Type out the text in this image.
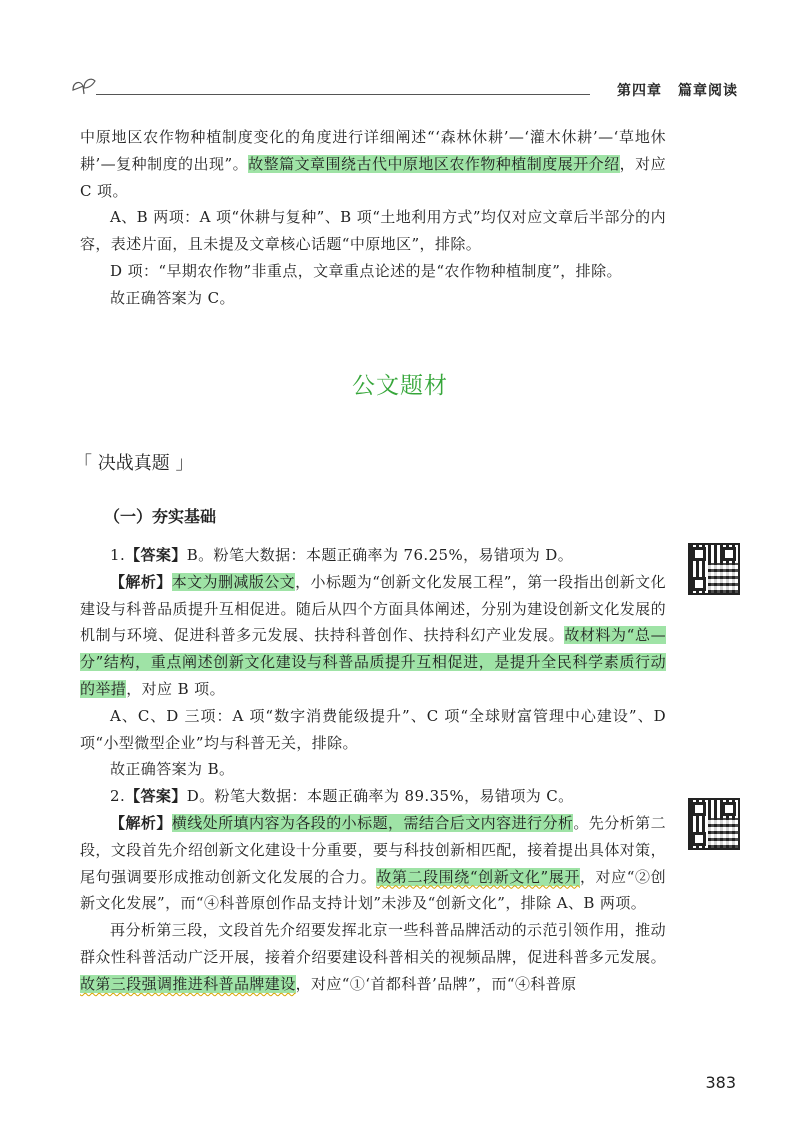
第四章 篇章阅读

中原地区农作物种植制度变化的角度进行详细阐述“‘森林休耕’—‘灌木休耕’—‘草地休耕’—复种制度的出现”。故整篇文章围绕古代中原地区农作物种植制度展开介绍，对应 C 项。

A、B 两项：A 项“休耕与复种”、B 项“土地利用方式”均仅对应文章后半部分的内容，表述片面，且未提及文章核心话题“中原地区”，排除。

D 项：“早期农作物”非重点，文章重点论述的是“农作物种植制度”，排除。

故正确答案为 C。

公文题材
「 决战真题 」
（一）夯实基础

1.【答案】B。粉笔大数据：本题正确率为 76.25%，易错项为 D。

【解析】本文为删减版公文，小标题为“创新文化发展工程”，第一段指出创新文化建设与科普品质提升互相促进。随后从四个方面具体阐述，分别为建设创新文化发展的机制与环境、促进科普多元发展、扶持科普创作、扶持科幻产业发展。故材料为“总—分”结构，重点阐述创新文化建设与科普品质提升互相促进，是提升全民科学素质行动的举措，对应 B 项。

A、C、D 三项：A 项“数字消费能级提升”、C 项“全球财富管理中心建设”、D 项“小型微型企业”均与科普无关，排除。

故正确答案为 B。

2.【答案】D。粉笔大数据：本题正确率为 89.35%，易错项为 C。

【解析】横线处所填内容为各段的小标题，需结合后文内容进行分析。先分析第二段，文段首先介绍创新文化建设十分重要，要与科技创新相匹配，接着提出具体对策，尾句强调要形成推动创新文化发展的合力。故第二段围绕“创新文化”展开，对应“②创新文化发展”，而“④科普原创作品支持计划”未涉及“创新文化”，排除 A、B 两项。

再分析第三段，文段首先介绍要发挥北京一些科普品牌活动的示范引领作用，推动群众性科普活动广泛开展，接着介绍要建设科普相关的视频品牌，促进科普多元发展。故第三段强调推进科普品牌建设，对应“①‘首都科普’品牌”，而“④科普原

383
